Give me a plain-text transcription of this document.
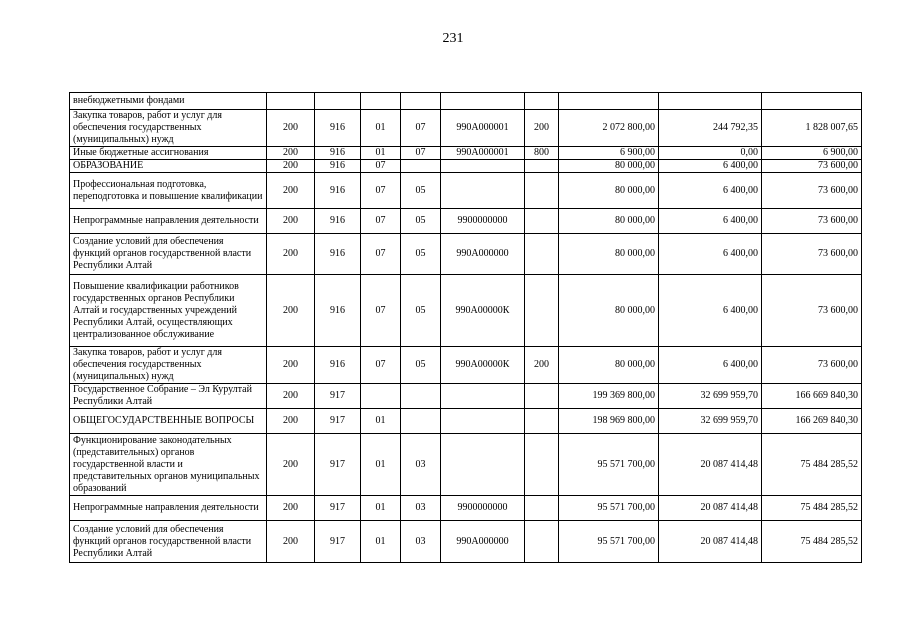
231
внебюджетными фондами									
Закупка товаров, работ и услуг для обеспечения государственных (муниципальных) нужд	200	916	01	07	990А000001	200	2 072 800,00	244 792,35	1 828 007,65
Иные бюджетные ассигнования	200	916	01	07	990А000001	800	6 900,00	0,00	6 900,00
ОБРАЗОВАНИЕ	200	916	07				80 000,00	6 400,00	73 600,00
Профессиональная подготовка, переподготовка и повышение квалификации	200	916	07	05			80 000,00	6 400,00	73 600,00
Непрограммные направления деятельности	200	916	07	05	9900000000		80 000,00	6 400,00	73 600,00
Создание условий для обеспечения функций органов государственной власти Республики Алтай	200	916	07	05	990А000000		80 000,00	6 400,00	73 600,00
Повышение квалификации работников государственных органов Республики Алтай и государственных учреждений Республики Алтай, осуществляющих централизованное обслуживание	200	916	07	05	990А00000К		80 000,00	6 400,00	73 600,00
Закупка товаров, работ и услуг для обеспечения государственных (муниципальных) нужд	200	916	07	05	990А00000К	200	80 000,00	6 400,00	73 600,00
Государственное Собрание – Эл Курултай Республики Алтай	200	917					199 369 800,00	32 699 959,70	166 669 840,30
ОБЩЕГОСУДАРСТВЕННЫЕ ВОПРОСЫ	200	917	01				198 969 800,00	32 699 959,70	166 269 840,30
Функционирование законодательных (представительных) органов государственной власти и представительных органов муниципальных образований	200	917	01	03			95 571 700,00	20 087 414,48	75 484 285,52
Непрограммные направления деятельности	200	917	01	03	9900000000		95 571 700,00	20 087 414,48	75 484 285,52
Создание условий для обеспечения функций органов государственной власти Республики Алтай	200	917	01	03	990А000000		95 571 700,00	20 087 414,48	75 484 285,52
